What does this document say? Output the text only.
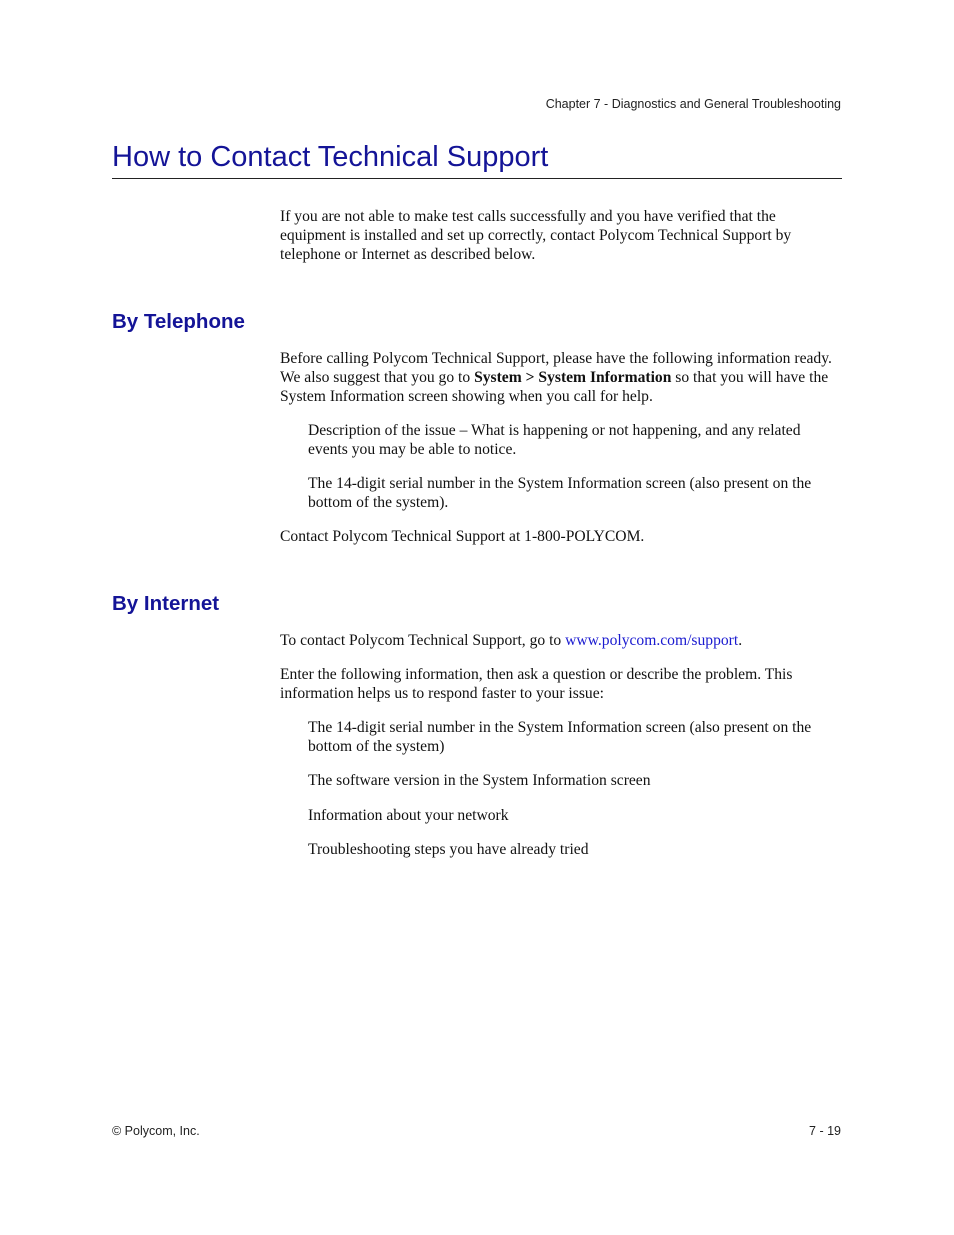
Chapter 7 - Diagnostics and General Troubleshooting
How to Contact Technical Support

If you are not able to make test calls successfully and you have verified that the equipment is installed and set up correctly, contact Polycom Technical Support by telephone or Internet as described below.

By Telephone

Before calling Polycom Technical Support, please have the following information ready. We also suggest that you go to System > System Information so that you will have the System Information screen showing when you call for help.

Description of the issue – What is happening or not happening, and any related events you may be able to notice.

The 14-digit serial number in the System Information screen (also present on the bottom of the system).

Contact Polycom Technical Support at 1-800-POLYCOM.

By Internet

To contact Polycom Technical Support, go to www.polycom.com/support.

Enter the following information, then ask a question or describe the problem. This information helps us to respond faster to your issue:

The 14-digit serial number in the System Information screen (also present on the bottom of the system)

The software version in the System Information screen

Information about your network

Troubleshooting steps you have already tried

© Polycom, Inc.	7 - 19
